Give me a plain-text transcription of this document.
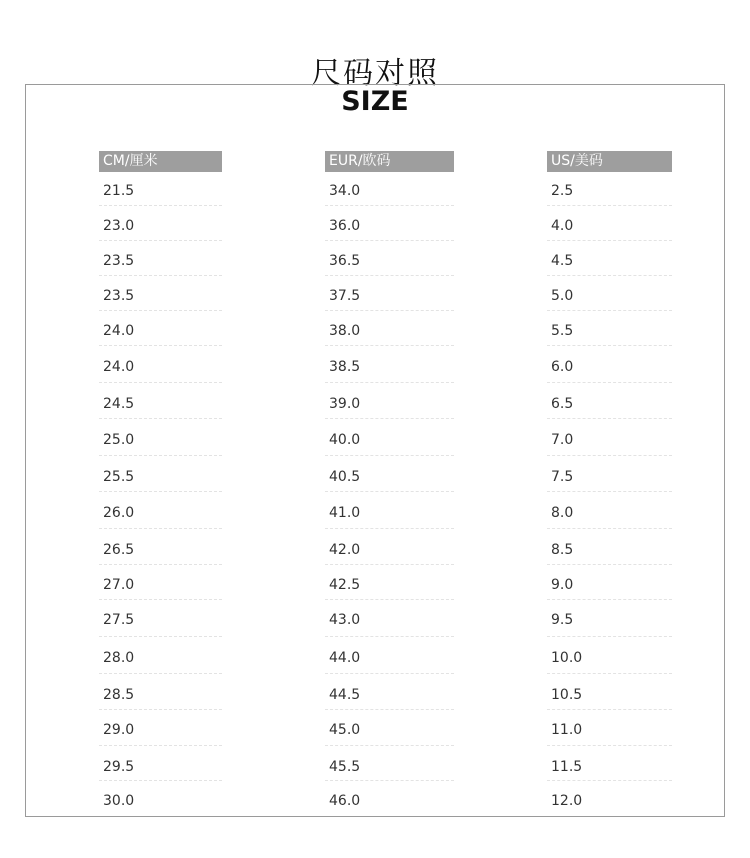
尺码对照
SIZE
CM/厘米
21.5
23.0
23.5
23.5
24.0
24.0
24.5
25.0
25.5
26.0
26.5
27.0
27.5
28.0
28.5
29.0
29.5
30.0
EUR/欧码
34.0
36.0
36.5
37.5
38.0
38.5
39.0
40.0
40.5
41.0
42.0
42.5
43.0
44.0
44.5
45.0
45.5
46.0
US/美码
2.5
4.0
4.5
5.0
5.5
6.0
6.5
7.0
7.5
8.0
8.5
9.0
9.5
10.0
10.5
11.0
11.5
12.0
